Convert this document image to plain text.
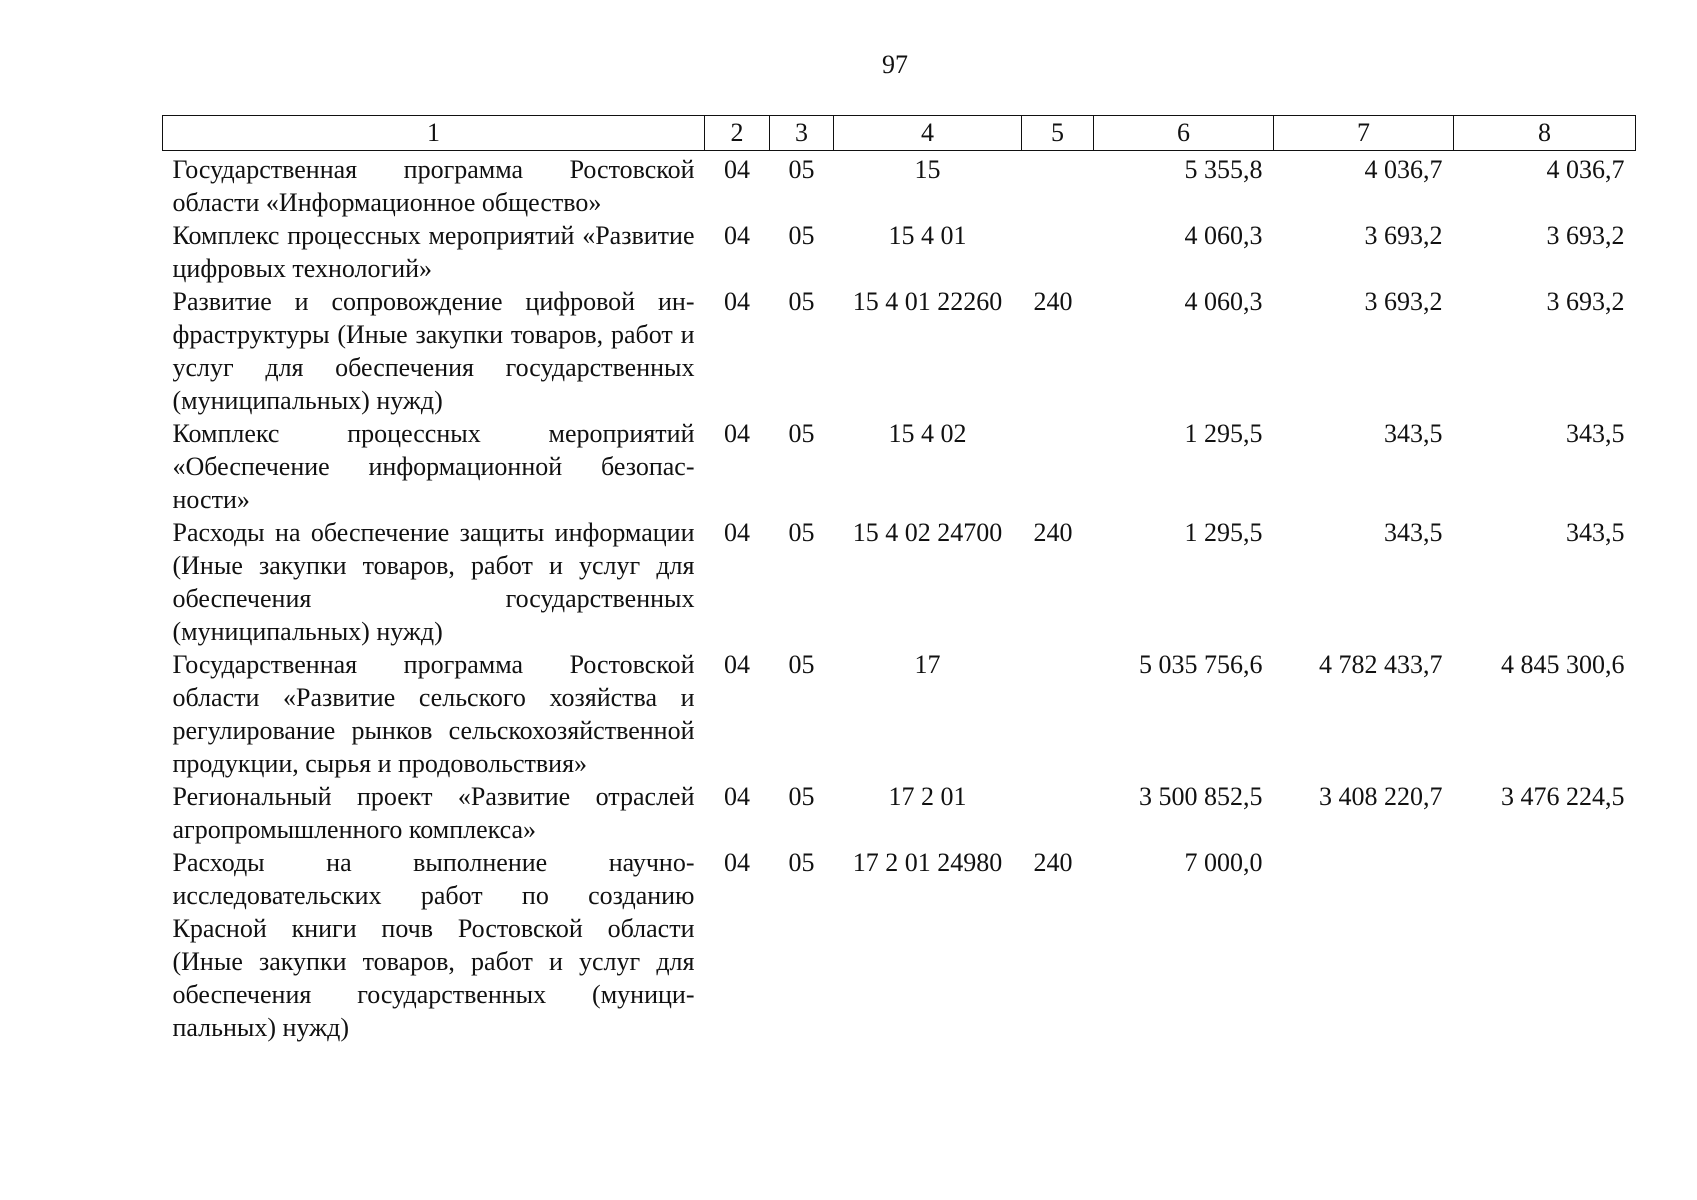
97
1	2	3	4	5	6	7	8
Государственная программа Ростовской области «Информационное общество»	04	05	15		5 355,8	4 036,7	4 036,7
Комплекс процессных мероприятий «Развитие цифровых технологий»	04	05	15 4 01		4 060,3	3 693,2	3 693,2
Развитие и сопровождение цифровой инфраструктуры (Иные закупки товаров, работ и услуг для обеспечения государственных (муниципальных) нужд)	04	05	15 4 01 22260	240	4 060,3	3 693,2	3 693,2
Комплекс процессных мероприятий «Обеспечение информационной безопасности»	04	05	15 4 02		1 295,5	343,5	343,5
Расходы на обеспечение защиты информации (Иные закупки товаров, работ и услуг для обеспечения государственных (муниципальных) нужд)	04	05	15 4 02 24700	240	1 295,5	343,5	343,5
Государственная программа Ростовской области «Развитие сельского хозяйства и регулирование рынков сельскохозяйственной продукции, сырья и продовольствия»	04	05	17		5 035 756,6	4 782 433,7	4 845 300,6
Региональный проект «Развитие отраслей агропромышленного комплекса»	04	05	17 2 01		3 500 852,5	3 408 220,7	3 476 224,5
Расходы на выполнение научно-исследовательских работ по созданию Красной книги почв Ростовской области (Иные закупки товаров, работ и услуг для обеспечения государственных (муниципальных) нужд)	04	05	17 2 01 24980	240	7 000,0		
